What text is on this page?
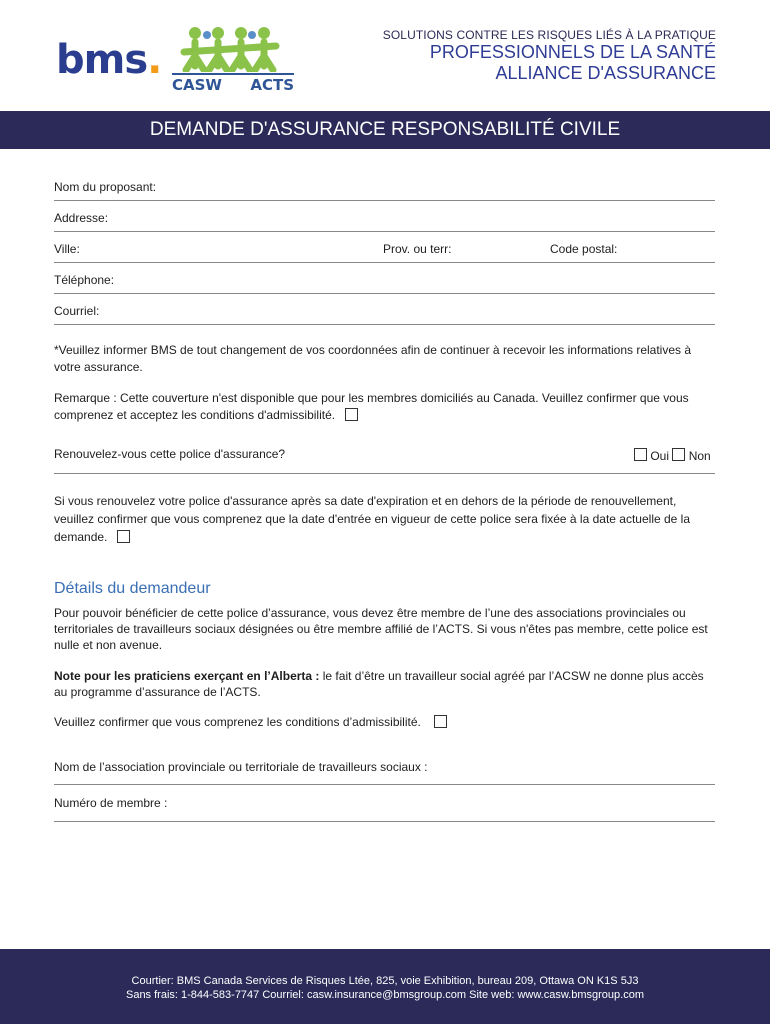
bms.
CASW ACTS
SOLUTIONS CONTRE LES RISQUES LIÉS À LA PRATIQUE
PROFESSIONNELS DE LA SANTÉ
ALLIANCE D'ASSURANCE
DEMANDE D'ASSURANCE RESPONSABILITÉ CIVILE
Nom du proposant:
Addresse:
Ville:	Prov. ou terr:	Code postal:
Téléphone:
Courriel:
*Veuillez informer BMS de tout changement de vos coordonnées afin de continuer à recevoir les informations relatives à votre assurance.
Remarque : Cette couverture n'est disponible que pour les membres domiciliés au Canada. Veuillez confirmer que vous comprenez et acceptez les conditions d'admissibilité.
Renouvelez-vous cette police d'assurance?	Oui Non
Si vous renouvelez votre police d'assurance après sa date d'expiration et en dehors de la période de renouvellement, veuillez confirmer que vous comprenez que la date d'entrée en vigueur de cette police sera fixée à la date actuelle de la demande.
Détails du demandeur
Pour pouvoir bénéficier de cette police d’assurance, vous devez être membre de l’une des associations provinciales ou territoriales de travailleurs sociaux désignées ou être membre affilié de l’ACTS. Si vous n'êtes pas membre, cette police est nulle et non avenue.
Note pour les praticiens exerçant en l’Alberta : le fait d’être un travailleur social agréé par l’ACSW ne donne plus accès au programme d’assurance de l’ACTS.
Veuillez confirmer que vous comprenez les conditions d’admissibilité.
Nom de l’association provinciale ou territoriale de travailleurs sociaux :
Numéro de membre :
Courtier: BMS Canada Services de Risques Ltée, 825, voie Exhibition, bureau 209, Ottawa ON K1S 5J3
Sans frais: 1-844-583-7747 Courriel: casw.insurance@bmsgroup.com Site web: www.casw.bmsgroup.com
